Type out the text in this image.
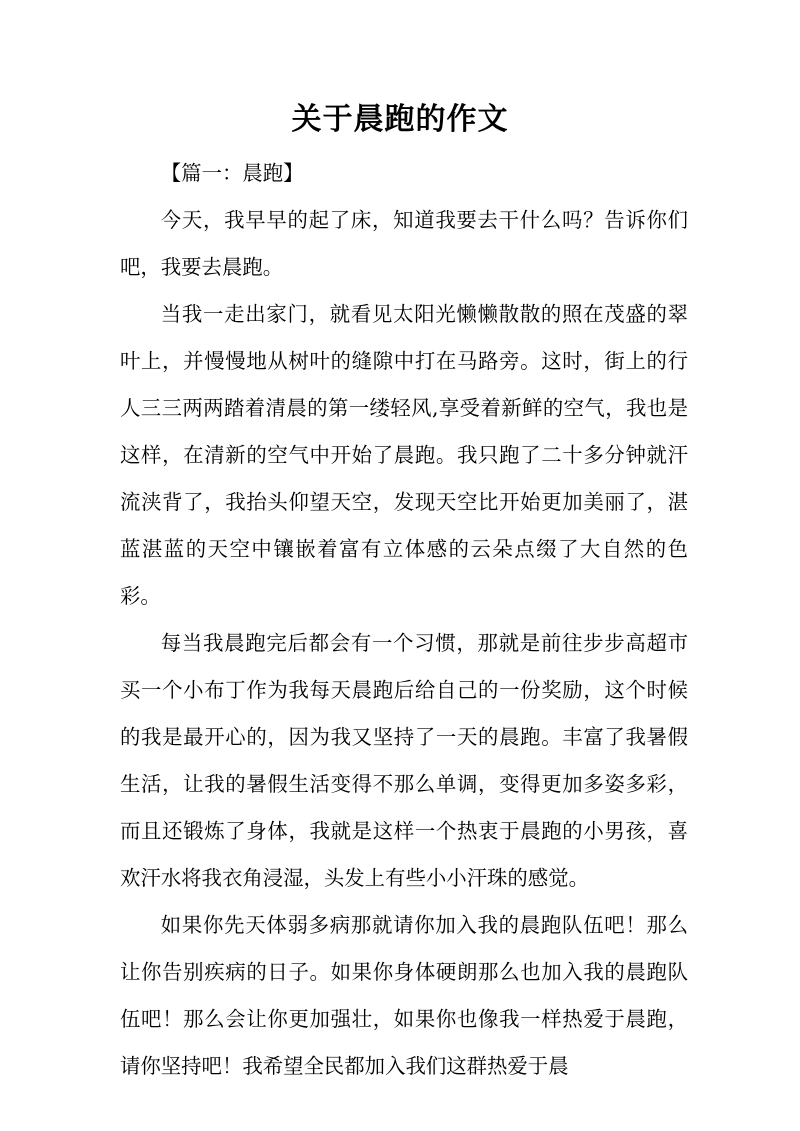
关于晨跑的作文

【篇一：晨跑】

今天，我早早的起了床，知道我要去干什么吗？告诉你们吧，我要去晨跑。

当我一走出家门，就看见太阳光懒懒散散的照在茂盛的翠叶上，并慢慢地从树叶的缝隙中打在马路旁。这时，街上的行人三三两两踏着清晨的第一缕轻风,享受着新鲜的空气，我也是这样，在清新的空气中开始了晨跑。我只跑了二十多分钟就汗流浃背了，我抬头仰望天空，发现天空比开始更加美丽了，湛蓝湛蓝的天空中镶嵌着富有立体感的云朵点缀了大自然的色彩。

每当我晨跑完后都会有一个习惯，那就是前往步步高超市买一个小布丁作为我每天晨跑后给自己的一份奖励，这个时候的我是最开心的，因为我又坚持了一天的晨跑。丰富了我暑假生活，让我的暑假生活变得不那么单调，变得更加多姿多彩，而且还锻炼了身体，我就是这样一个热衷于晨跑的小男孩，喜欢汗水将我衣角浸湿，头发上有些小小汗珠的感觉。

如果你先天体弱多病那就请你加入我的晨跑队伍吧！那么让你告别疾病的日子。如果你身体硬朗那么也加入我的晨跑队伍吧！那么会让你更加强壮，如果你也像我一样热爱于晨跑，请你坚持吧！我希望全民都加入我们这群热爱于晨
